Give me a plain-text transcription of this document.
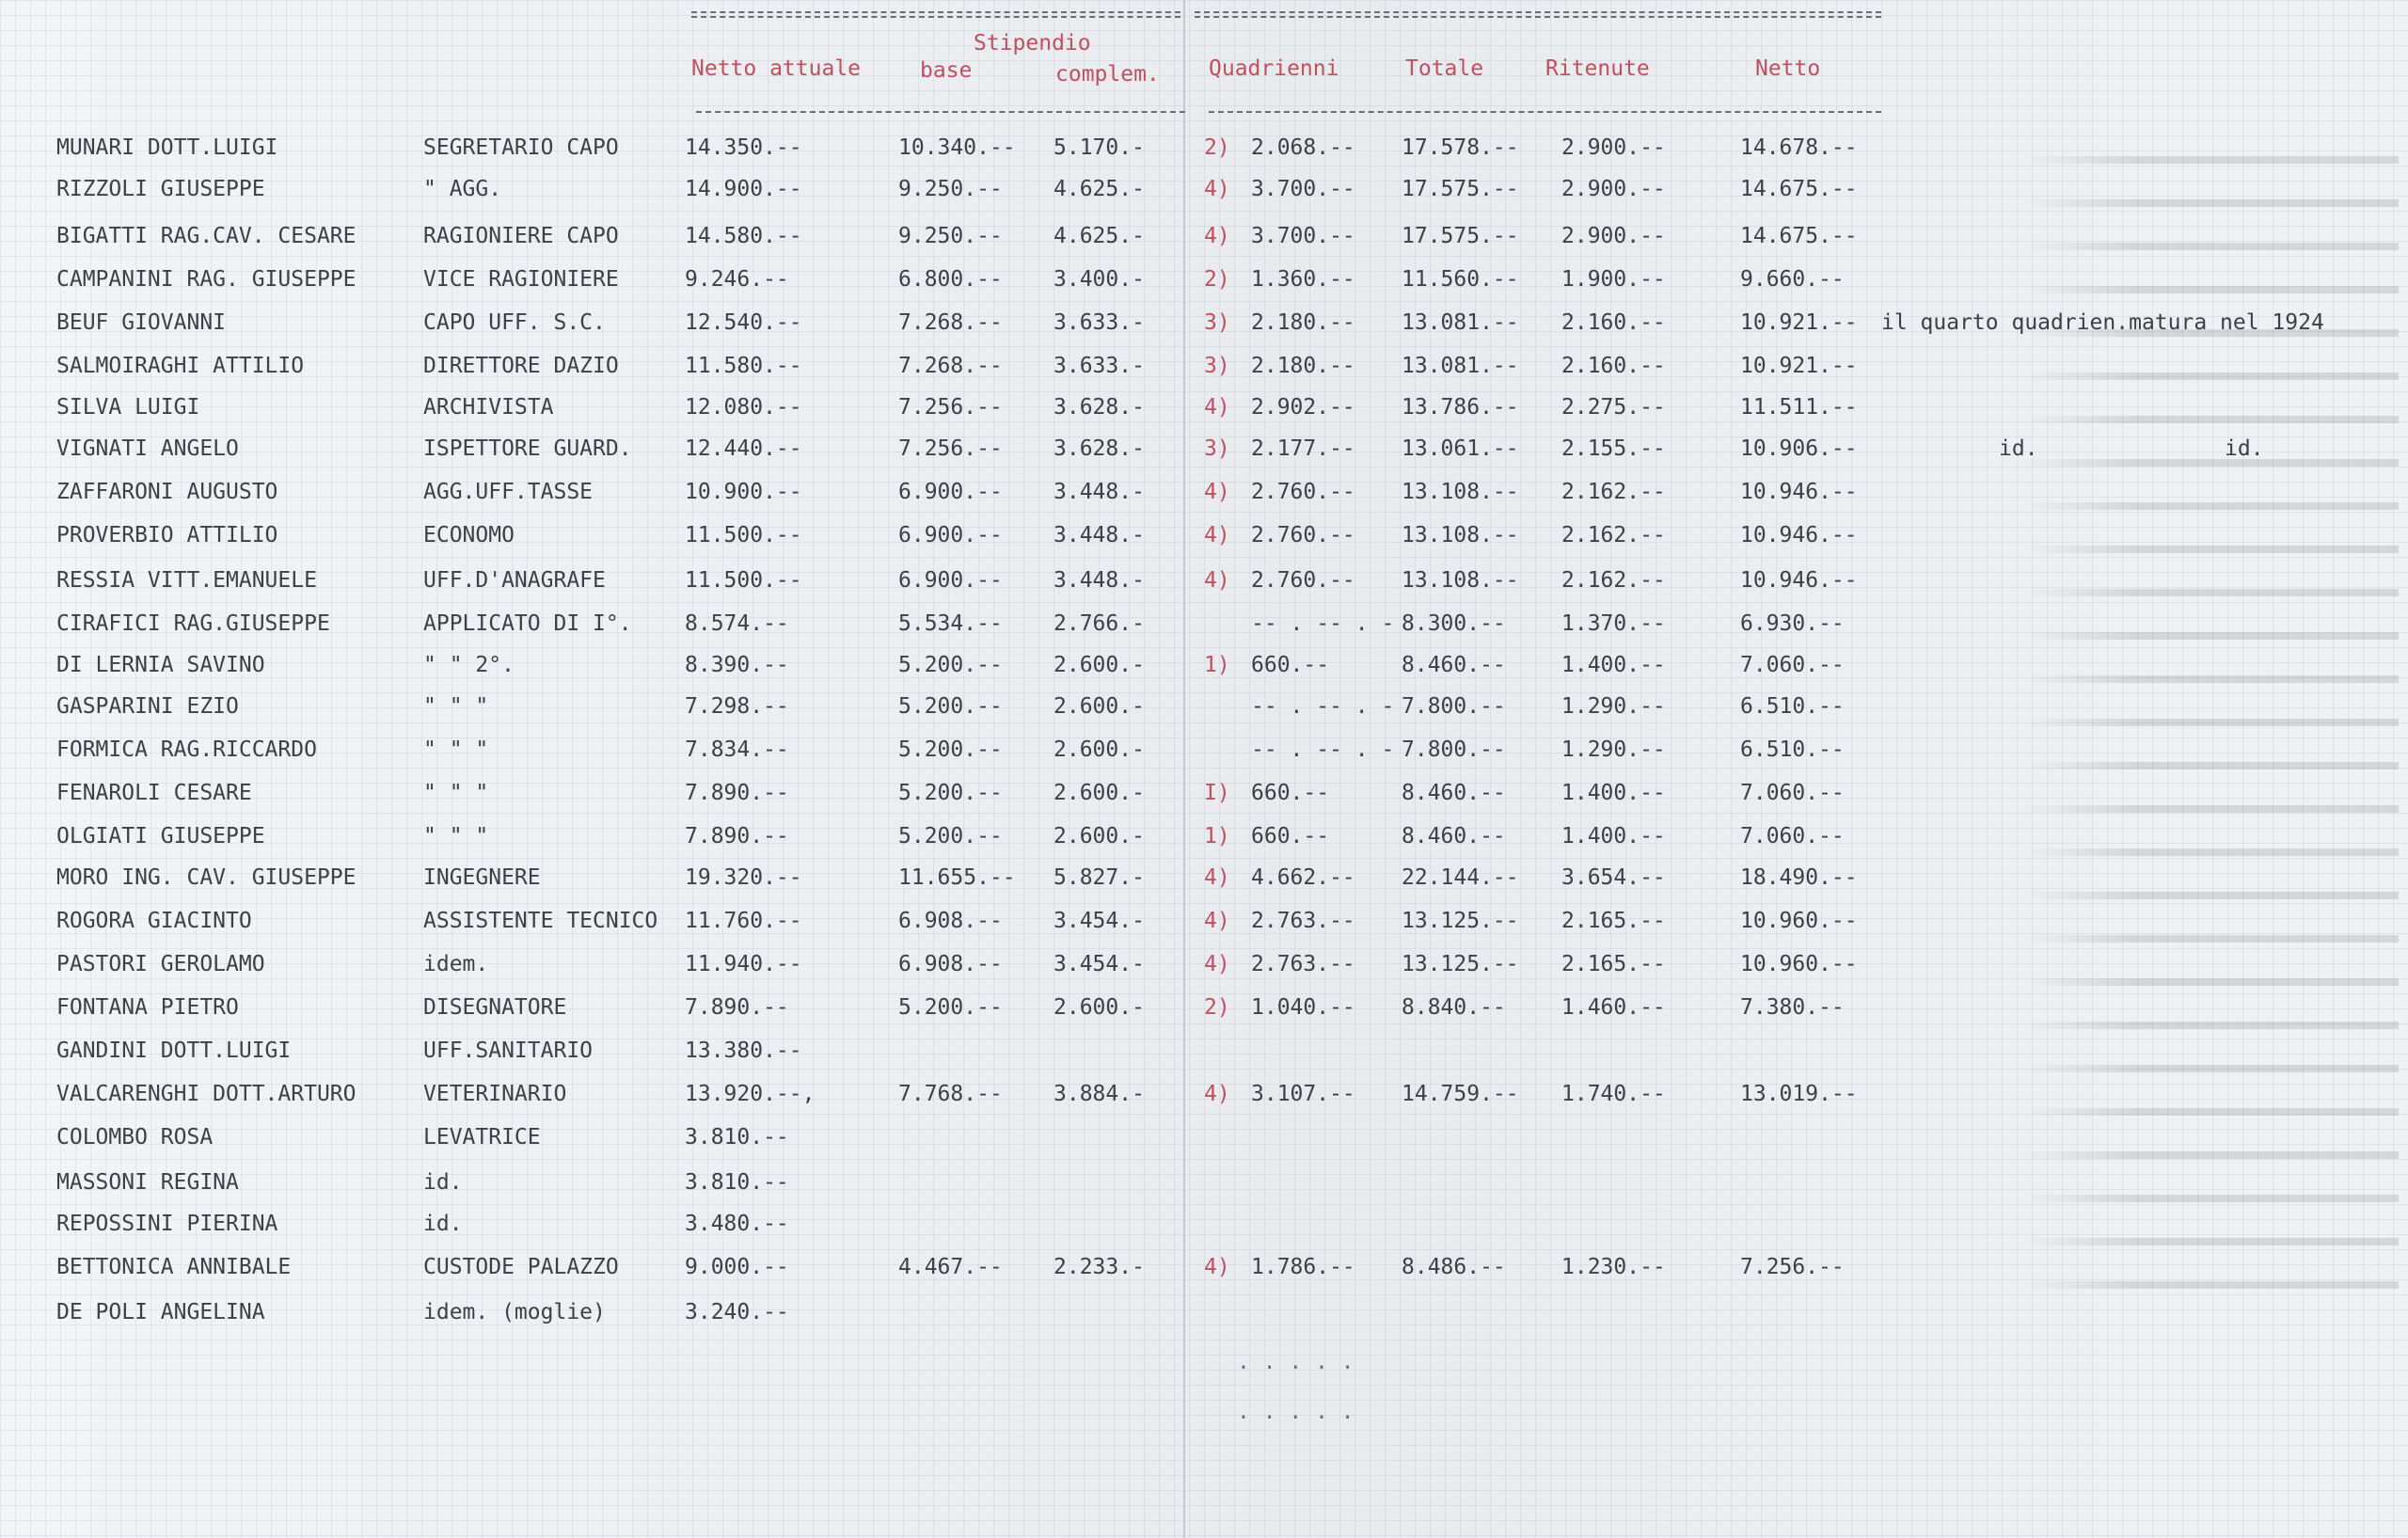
Stipendio
Netto attuale	base	complem. Quadrienni	Totale	Ritenute	Netto
MUNARI DOTT.LUIGI	SEGRETARIO CAPO	14.350.--	10.340.--	5.170.-	2) 2.068.--	17.578.--	2.900.--	14.678.--
RIZZOLI GIUSEPPE	" AGG.	14.900.--	9.250.--	4.625.-	4) 3.700.--	17.575.--	2.900.--	14.675.--
BIGATTI RAG.CAV. CESARE	RAGIONIERE CAPO	14.580.--	9.250.--	4.625.-	4) 3.700.--	17.575.--	2.900.--	14.675.--
CAMPANINI RAG. GIUSEPPE	VICE RAGIONIERE	9.246.--	6.800.--	3.400.-	2) 1.360.--	11.560.--	1.900.--	9.660.--
BEUF GIOVANNI	CAPO UFF. S.C.	12.540.--	7.268.--	3.633.-	3) 2.180.--	13.081.--	2.160.--	10.921.--	il quarto quadrien.matura nel 1924
SALMOIRAGHI ATTILIO	DIRETTORE DAZIO	11.580.--	7.268.--	3.633.-	3) 2.180.--	13.081.--	2.160.--	10.921.--
SILVA LUIGI	ARCHIVISTA	12.080.--	7.256.--	3.628.-	4) 2.902.--	13.786.--	2.275.--	11.511.--
VIGNATI ANGELO	ISPETTORE GUARD. 12.440.--	7.256.--	3.628.-	3) 2.177.--	13.061.--	2.155.--	10.906.--	id.	id.
ZAFFARONI AUGUSTO	AGG.UFF.TASSE	10.900.--	6.900.--	3.448.-	4) 2.760.--	13.108.--	2.162.--	10.946.--
PROVERBIO ATTILIO	ECONOMO	11.500.--	6.900.--	3.448.-	4) 2.760.--	13.108.--	2.162.--	10.946.--
RESSIA VITT.EMANUELE	UFF.D'ANAGRAFE	11.500.--	6.900.--	3.448.-	4) 2.760.--	13.108.--	2.162.--	10.946.--
CIRAFICI RAG.GIUSEPPE	APPLICATO DI I°. 8.574.--	5.534.--	2.766.-	-- . -- . - 8.300.--	1.370.--	6.930.--
DI LERNIA SAVINO	" " 2°.	8.390.--	5.200.--	2.600.-	1) 660.--	8.460.--	1.400.--	7.060.--
GASPARINI EZIO	" " "	7.298.--	5.200.--	2.600.-	-- . -- . - 7.800.--	1.290.--	6.510.--
FORMICA RAG.RICCARDO	" " "	7.834.--	5.200.--	2.600.-	-- . -- . - 7.800.--	1.290.--	6.510.--
FENAROLI CESARE	" " "	7.890.--	5.200.--	2.600.-	I) 660.--	8.460.--	1.400.--	7.060.--
OLGIATI GIUSEPPE	" " "	7.890.--	5.200.--	2.600.-	1) 660.--	8.460.--	1.400.--	7.060.--
MORO ING. CAV. GIUSEPPE	INGEGNERE	19.320.--	11.655.--	5.827.-	4) 4.662.--	22.144.--	3.654.--	18.490.--
ROGORA GIACINTO	ASSISTENTE TECNICO 11.760.--	6.908.--	3.454.-	4) 2.763.--	13.125.--	2.165.--	10.960.--
PASTORI GEROLAMO	idem.	11.940.--	6.908.--	3.454.-	4) 2.763.--	13.125.--	2.165.--	10.960.--
FONTANA PIETRO	DISEGNATORE	7.890.--	5.200.--	2.600.-	2) 1.040.--	8.840.--	1.460.--	7.380.--
GANDINI DOTT.LUIGI	UFF.SANITARIO	13.380.--
VALCARENGHI DOTT.ARTURO	VETERINARIO	13.920.--,	7.768.--	3.884.-	4) 3.107.--	14.759.--	1.740.--	13.019.--
COLOMBO ROSA	LEVATRICE	3.810.--
MASSONI REGINA	id.	3.810.--
REPOSSINI PIERINA	id.	3.480.--
BETTONICA ANNIBALE	CUSTODE PALAZZO	9.000.--	4.467.--	2.233.-	4) 1.786.--	8.486.--	1.230.--	7.256.--
DE POLI ANGELINA	idem. (moglie)	3.240.--
. . . . .
. . . . .
